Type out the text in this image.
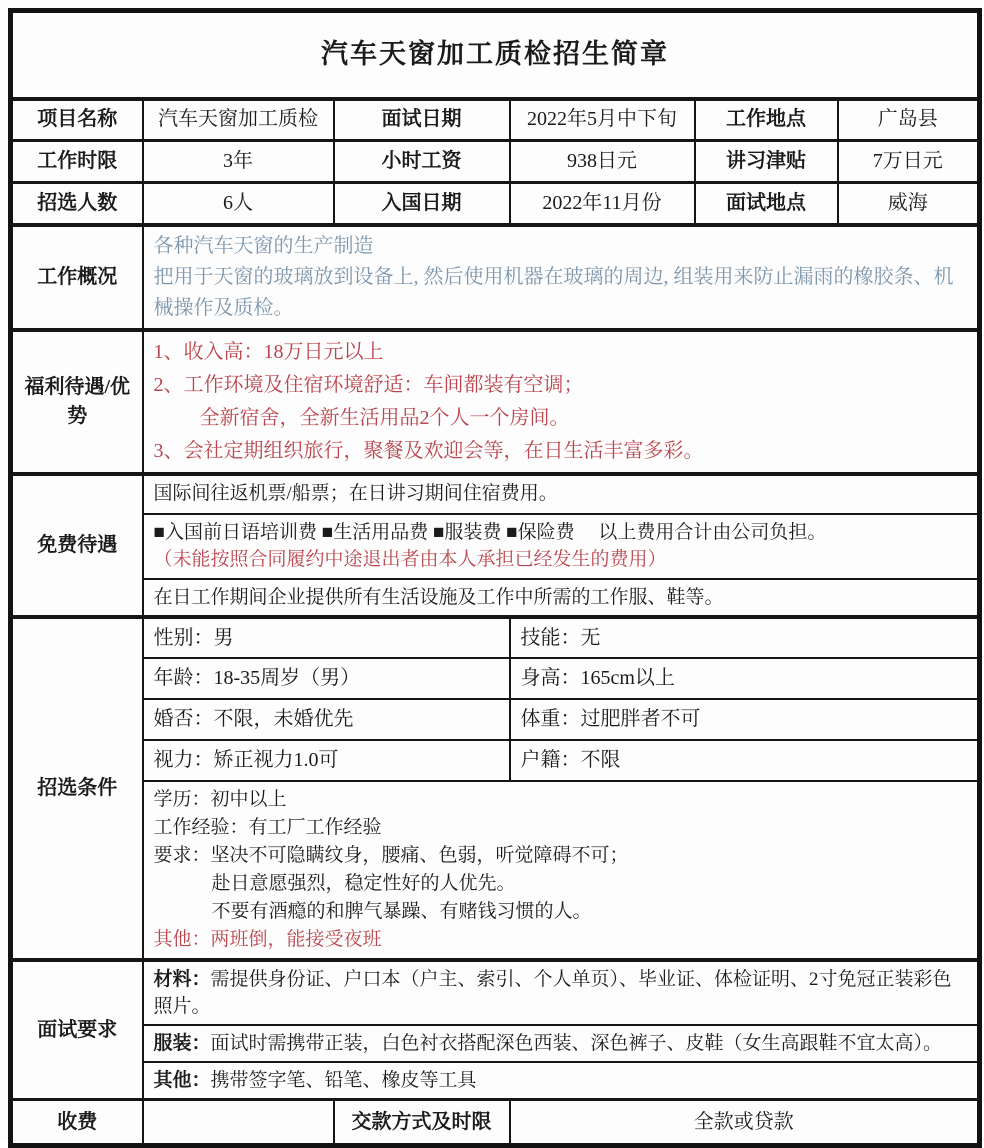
汽车天窗加工质检招生简章					
项目名称	汽车天窗加工质检	面试日期	2022年5月中下旬	工作地点	广岛县
工作时限	3年	小时工资	938日元	讲习津贴	7万日元
招选人数	6人	入国日期	2022年11月份	面试地点	威海
工作概况	各种汽车天窗的生产制造
把用于天窗的玻璃放到设备上, 然后使用机器在玻璃的周边, 组装用来防止漏雨的橡胶条、机械操作及质检。				

福利待遇/优势	1、收入高：18万日元以上
2、工作环境及住宿环境舒适：车间都装有空调；
全新宿舍，全新生活用品2个人一个房间。
3、会社定期组织旅行，聚餐及欢迎会等，在日生活丰富多彩。				

免费待遇	国际间往返机票/船票；在日讲习期间住宿费用。				

	■入国前日语培训费 ■生活用品费 ■服装费 ■保险费　 以上费用合计由公司负担。
（未能按照合同履约中途退出者由本人承担已经发生的费用）				

	在日工作期间企业提供所有生活设施及工作中所需的工作服、鞋等。				
招选条件	性别：男		技能：无		
	年龄：18-35周岁（男）		身高：165cm以上		
	婚否：不限，未婚优先		体重：过肥胖者不可		
	视力：矫正视力1.0可		户籍：不限		

学历：初中以上
工作经验：有工厂工作经验
要求：坚决不可隐瞒纹身，腰痛、色弱，听觉障碍不可；
赴日意愿强烈，稳定性好的人优先。
不要有酒瘾的和脾气暴躁、有赌钱习惯的人。
其他：两班倒，能接受夜班

面试要求	材料：需提供身份证、户口本（户主、索引、个人单页）、毕业证、体检证明、2寸免冠正装彩色照片。				
	服装：面试时需携带正装，白色衬衣搭配深色西装、深色裤子、皮鞋（女生高跟鞋不宜太高）。				
	其他：携带签字笔、铅笔、橡皮等工具				
收费		交款方式及时限	全款或贷款		
